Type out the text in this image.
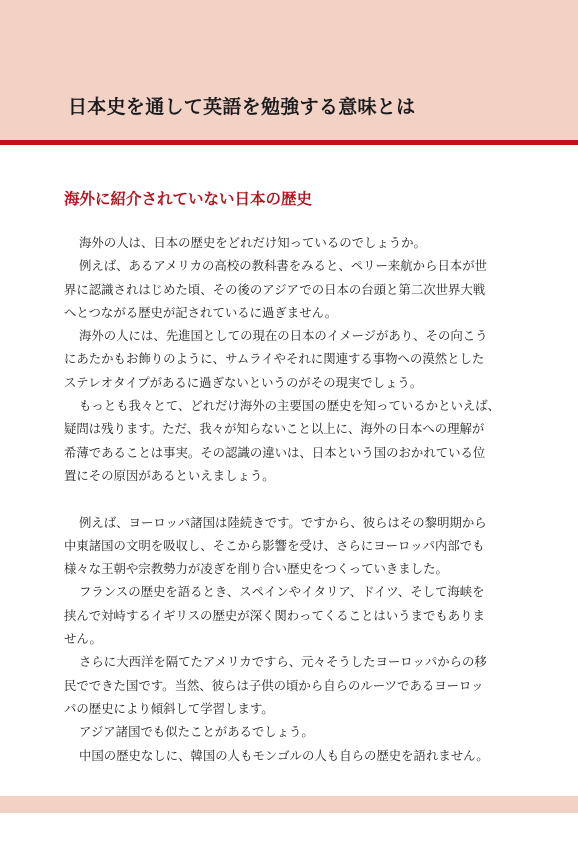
日本史を通して英語を勉強する意味とは
海外に紹介されていない日本の歴史
海外の人は、日本の歴史をどれだけ知っているのでしょうか。
例えば、あるアメリカの高校の教科書をみると、ペリー来航から日本が世
界に認識されはじめた頃、その後のアジアでの日本の台頭と第二次世界大戦
へとつながる歴史が記されているに過ぎません。
海外の人には、先進国としての現在の日本のイメージがあり、その向こう
にあたかもお飾りのように、サムライやそれに関連する事物への漠然とした
ステレオタイプがあるに過ぎないというのがその現実でしょう。
もっとも我々とて、どれだけ海外の主要国の歴史を知っているかといえば、
疑問は残ります。ただ、我々が知らないこと以上に、海外の日本への理解が
希薄であることは事実。その認識の違いは、日本という国のおかれている位
置にその原因があるといえましょう。
例えば、ヨーロッパ諸国は陸続きです。ですから、彼らはその黎明期から
中東諸国の文明を吸収し、そこから影響を受け、さらにヨーロッパ内部でも
様々な王朝や宗教勢力が凌ぎを削り合い歴史をつくっていきました。
フランスの歴史を語るとき、スペインやイタリア、ドイツ、そして海峡を
挟んで対峙するイギリスの歴史が深く関わってくることはいうまでもありま
せん。
さらに大西洋を隔てたアメリカですら、元々そうしたヨーロッパからの移
民でできた国です。当然、彼らは子供の頃から自らのルーツであるヨーロッ
パの歴史により傾斜して学習します。
アジア諸国でも似たことがあるでしょう。
中国の歴史なしに、韓国の人もモンゴルの人も自らの歴史を語れません。
